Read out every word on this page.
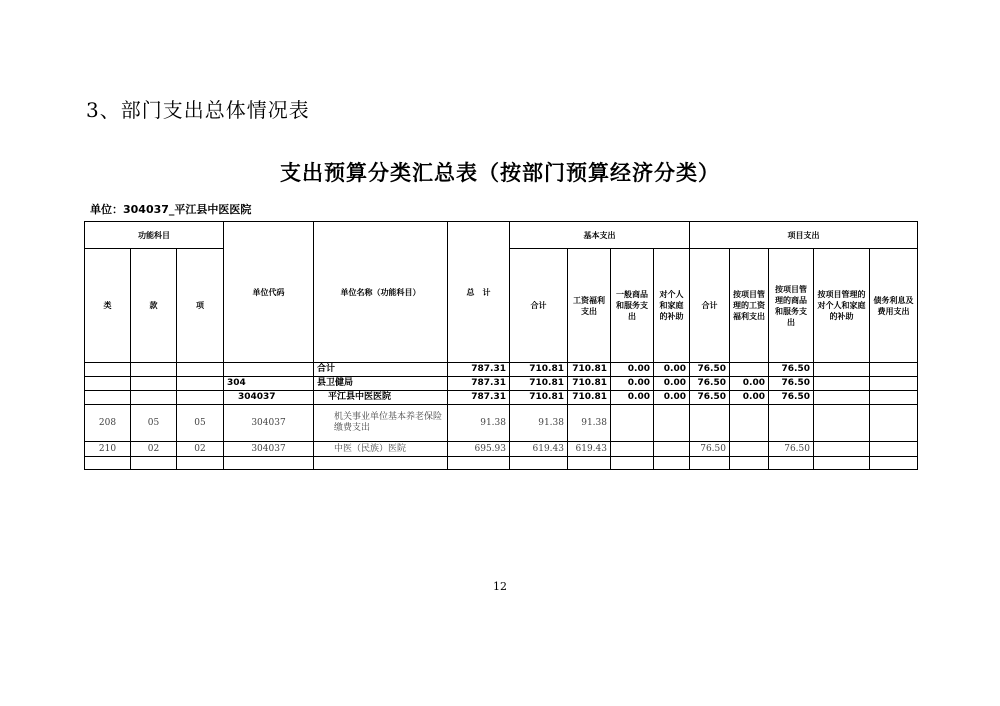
3、部门支出总体情况表
支出预算分类汇总表（按部门预算经济分类）
单位：304037_平江县中医医院
功能科目			单位代码	单位名称（功能科目）	总　计	基本支出				项目支出				
类	款	项				合计	工资福利支出	一般商品和服务支出	对个人和家庭的补助	合计	按项目管理的工资福利支出	按项目管理的商品和服务支出	按项目管理的对个人和家庭的补助	债务利息及费用支出
				合计	787.31	710.81	710.81	0.00	0.00	76.50		76.50		
			304	县卫健局	787.31	710.81	710.81	0.00	0.00	76.50	0.00	76.50		
			304037	平江县中医医院	787.31	710.81	710.81	0.00	0.00	76.50	0.00	76.50		
208	05	05	304037	机关事业单位基本养老保险缴费支出	91.38	91.38	91.38							
210	02	02	304037	中医（民族）医院	695.93	619.43	619.43			76.50		76.50		

12
